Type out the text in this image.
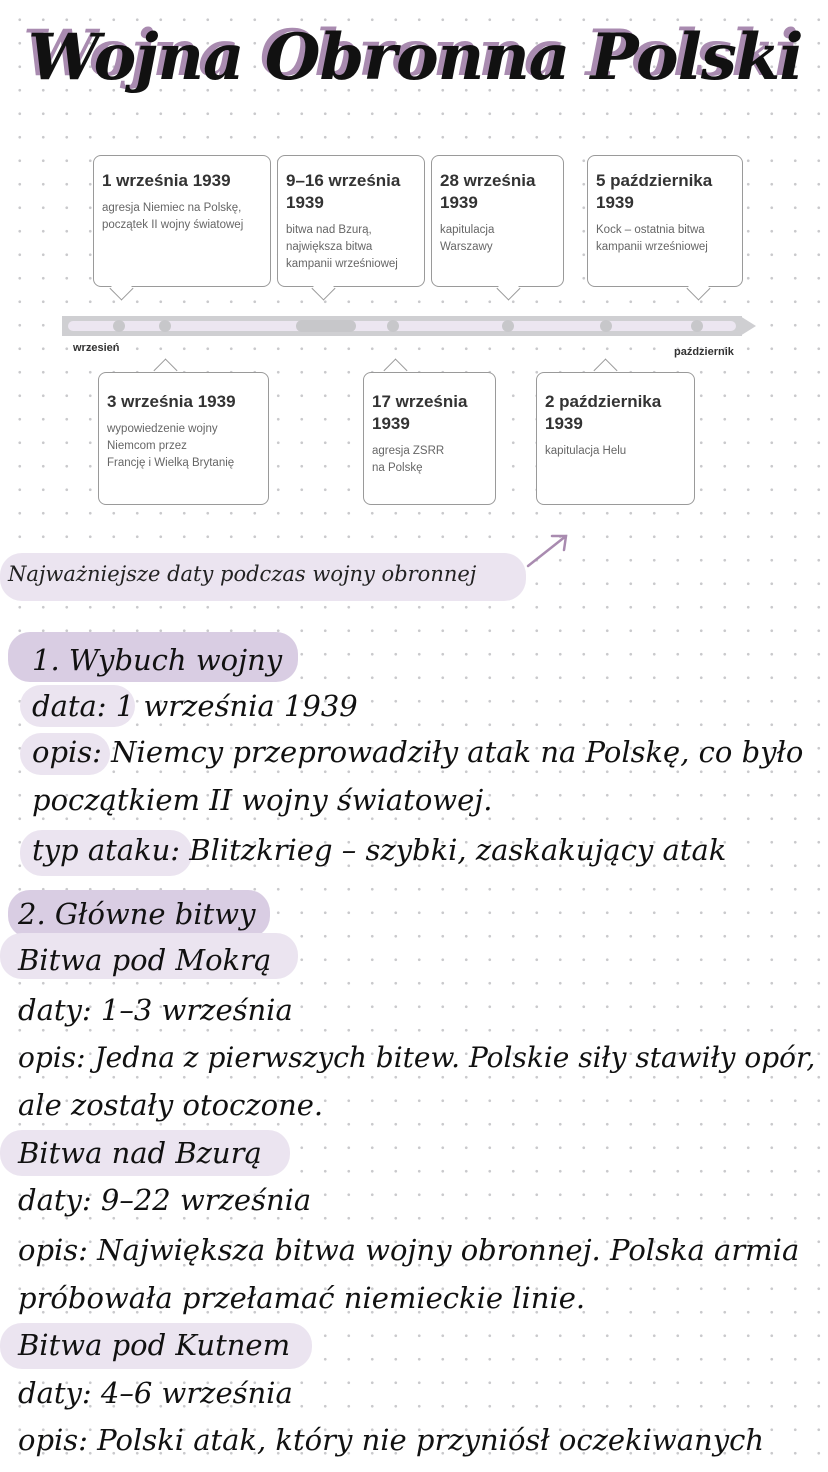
Wojna Obronna Polski
1 września 1939
agresja Niemiec na Polskę,
początek II wojny światowej
9–16 września 1939
bitwa nad Bzurą,
największa bitwa
kampanii wrześniowej
28 września 1939
kapitulacja
Warszawy
5 października 1939
Kock – ostatnia bitwa
kampanii wrześniowej
wrzesień	październik
3 września 1939
wypowiedzenie wojny
Niemcom przez
Francję i Wielką Brytanię
17 września 1939
agresja ZSRR
na Polskę
2 października 1939
kapitulacja Helu
Najważniejsze daty podczas wojny obronnej
1. Wybuch wojny
data: 1 września 1939
opis: Niemcy przeprowadziły atak na Polskę, co było
początkiem II wojny światowej.
typ ataku: Blitzkrieg – szybki, zaskakujący atak
2. Główne bitwy
Bitwa pod Mokrą
daty: 1–3 września
opis: Jedna z pierwszych bitew. Polskie siły stawiły opór,
ale zostały otoczone.
Bitwa nad Bzurą
daty: 9–22 września
opis: Największa bitwa wojny obronnej. Polska armia
próbowała przełamać niemieckie linie.
Bitwa pod Kutnem
daty: 4–6 września
opis: Polski atak, który nie przyniósł oczekiwanych
